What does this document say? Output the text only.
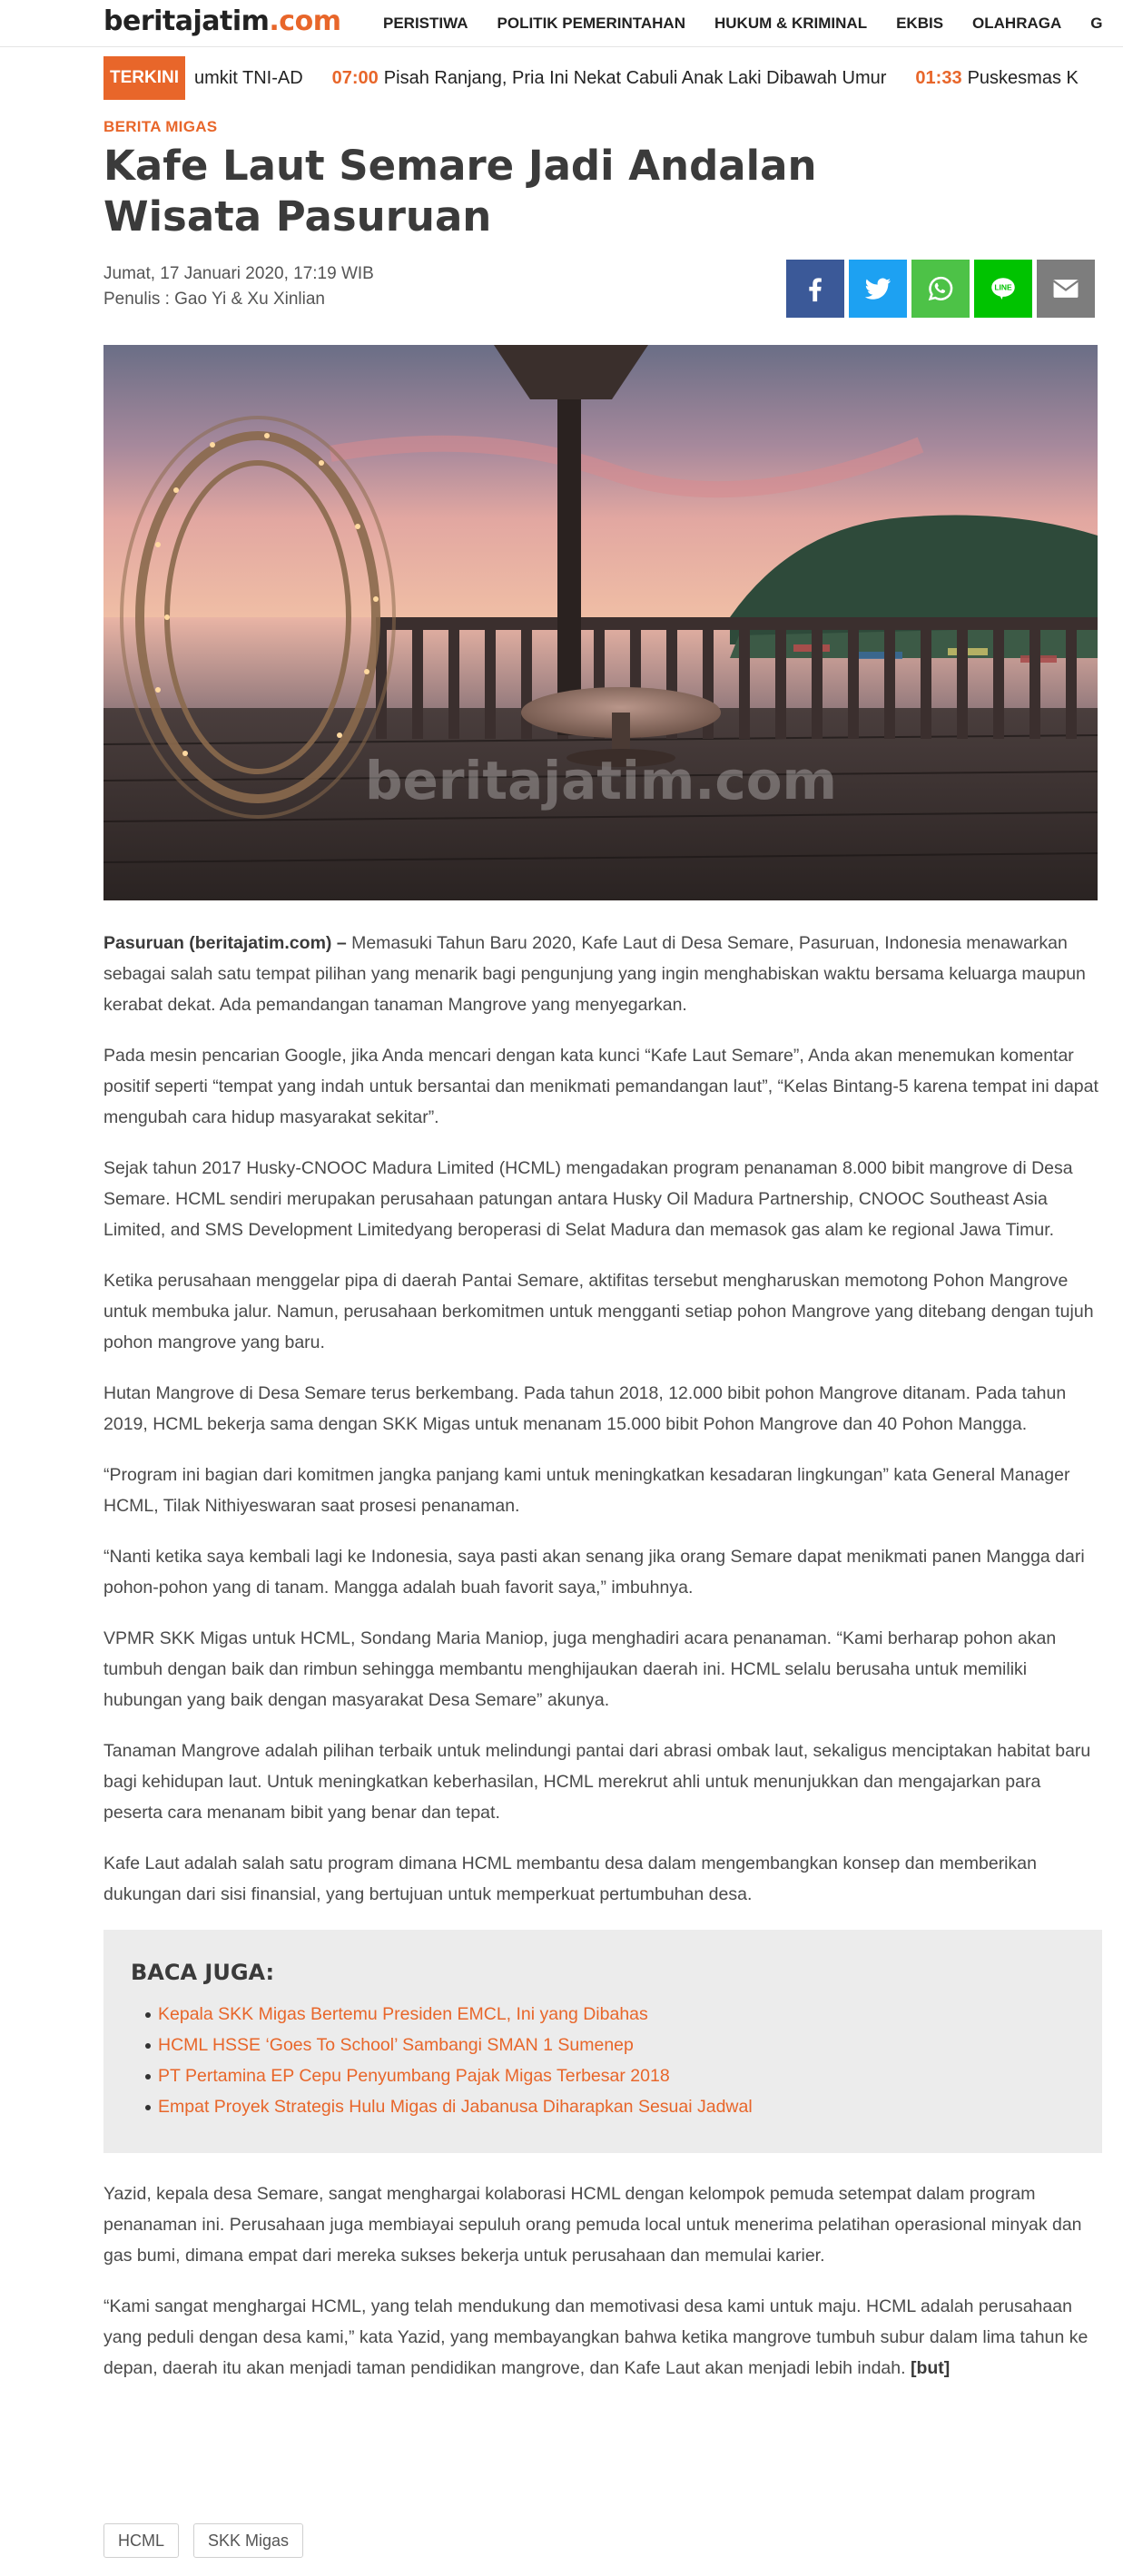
beritajatim.com	PERISTIWA POLITIK PEMERINTAHAN HUKUM & KRIMINAL EKBIS OLAHRAGA G
TERKINI umkit TNI-AD 07:00 Pisah Ranjang, Pria Ini Nekat Cabuli Anak Laki Dibawah Umur 01:33 Puskesmas K
BERITA MIGAS
Kafe Laut Semare Jadi Andalan Wisata Pasuruan
Jumat, 17 Januari 2020, 17:19 WIB
Penulis : Gao Yi & Xu Xinlian
LINE
beritajatim.com

Pasuruan (beritajatim.com) – Memasuki Tahun Baru 2020, Kafe Laut di Desa Semare, Pasuruan, Indonesia menawarkan sebagai salah satu tempat pilihan yang menarik bagi pengunjung yang ingin menghabiskan waktu bersama keluarga maupun kerabat dekat. Ada pemandangan tanaman Mangrove yang menyegarkan.

Pada mesin pencarian Google, jika Anda mencari dengan kata kunci “Kafe Laut Semare”, Anda akan menemukan komentar positif seperti “tempat yang indah untuk bersantai dan menikmati pemandangan laut”, “Kelas Bintang-5 karena tempat ini dapat mengubah cara hidup masyarakat sekitar”.

Sejak tahun 2017 Husky-CNOOC Madura Limited (HCML) mengadakan program penanaman 8.000 bibit mangrove di Desa Semare. HCML sendiri merupakan perusahaan patungan antara Husky Oil Madura Partnership, CNOOC Southeast Asia Limited, and SMS Development Limitedyang beroperasi di Selat Madura dan memasok gas alam ke regional Jawa Timur.

Ketika perusahaan menggelar pipa di daerah Pantai Semare, aktifitas tersebut mengharuskan memotong Pohon Mangrove untuk membuka jalur. Namun, perusahaan berkomitmen untuk mengganti setiap pohon Mangrove yang ditebang dengan tujuh pohon mangrove yang baru.

Hutan Mangrove di Desa Semare terus berkembang. Pada tahun 2018, 12.000 bibit pohon Mangrove ditanam. Pada tahun 2019, HCML bekerja sama dengan SKK Migas untuk menanam 15.000 bibit Pohon Mangrove dan 40 Pohon Mangga.

“Program ini bagian dari komitmen jangka panjang kami untuk meningkatkan kesadaran lingkungan” kata General Manager HCML, Tilak Nithiyeswaran saat prosesi penanaman.

“Nanti ketika saya kembali lagi ke Indonesia, saya pasti akan senang jika orang Semare dapat menikmati panen Mangga dari pohon-pohon yang di tanam. Mangga adalah buah favorit saya,” imbuhnya.

VPMR SKK Migas untuk HCML, Sondang Maria Maniop, juga menghadiri acara penanaman. “Kami berharap pohon akan tumbuh dengan baik dan rimbun sehingga membantu menghijaukan daerah ini. HCML selalu berusaha untuk memiliki hubungan yang baik dengan masyarakat Desa Semare” akunya.

Tanaman Mangrove adalah pilihan terbaik untuk melindungi pantai dari abrasi ombak laut, sekaligus menciptakan habitat baru bagi kehidupan laut. Untuk meningkatkan keberhasilan, HCML merekrut ahli untuk menunjukkan dan mengajarkan para peserta cara menanam bibit yang benar dan tepat.

Kafe Laut adalah salah satu program dimana HCML membantu desa dalam mengembangkan konsep dan memberikan dukungan dari sisi finansial, yang bertujuan untuk memperkuat pertumbuhan desa.

BACA JUGA:
Kepala SKK Migas Bertemu Presiden EMCL, Ini yang Dibahas
HCML HSSE ‘Goes To School’ Sambangi SMAN 1 Sumenep
PT Pertamina EP Cepu Penyumbang Pajak Migas Terbesar 2018
Empat Proyek Strategis Hulu Migas di Jabanusa Diharapkan Sesuai Jadwal

Yazid, kepala desa Semare, sangat menghargai kolaborasi HCML dengan kelompok pemuda setempat dalam program penanaman ini. Perusahaan juga membiayai sepuluh orang pemuda local untuk menerima pelatihan operasional minyak dan gas bumi, dimana empat dari mereka sukses bekerja untuk perusahaan dan memulai karier.

“Kami sangat menghargai HCML, yang telah mendukung dan memotivasi desa kami untuk maju. HCML adalah perusahaan yang peduli dengan desa kami,” kata Yazid, yang membayangkan bahwa ketika mangrove tumbuh subur dalam lima tahun ke depan, daerah itu akan menjadi taman pendidikan mangrove, dan Kafe Laut akan menjadi lebih indah. [but]

HCML	SKK Migas
